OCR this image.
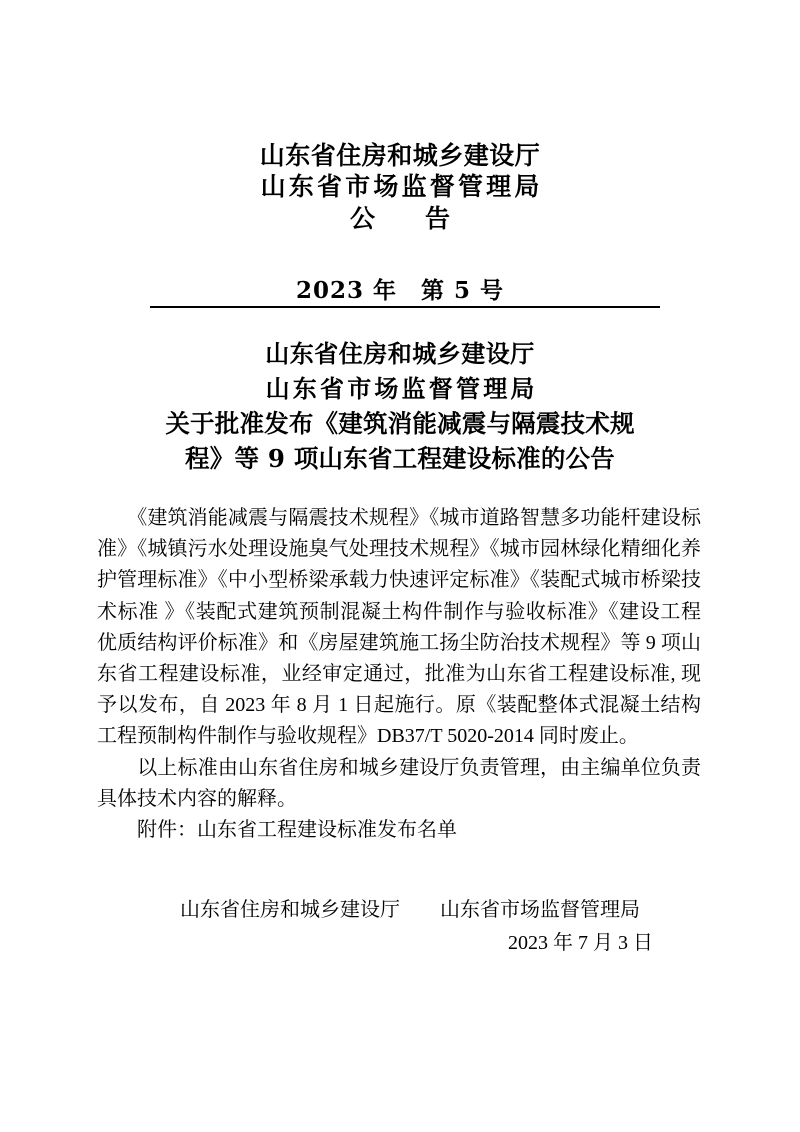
山东省住房和城乡建设厅
山东省市场监督管理局
公　　告
2023 年　第 5 号
山东省住房和城乡建设厅
山东省市场监督管理局
关于批准发布《建筑消能减震与隔震技术规
程》等 9 项山东省工程建设标准的公告

　　《建筑消能减震与隔震技术规程》《城市道路智慧多功能杆建设标准》《城镇污水处理设施臭气处理技术规程》《城市园林绿化精细化养护管理标准》《中小型桥梁承载力快速评定标准》《装配式城市桥梁技术标准 》《装配式建筑预制混凝土构件制作与验收标准》《建设工程优质结构评价标准》和《房屋建筑施工扬尘防治技术规程》等 9 项山东省工程建设标准，业经审定通过，批准为山东省工程建设标准, 现予以发布，自 2023 年 8 月 1 日起施行。原《装配整体式混凝土结构工程预制构件制作与验收规程》DB37/T 5020-2014 同时废止。

　　以上标准由山东省住房和城乡建设厅负责管理，由主编单位负责具体技术内容的解释。

　　附件：山东省工程建设标准发布名单

山东省住房和城乡建设厅　　山东省市场监督管理局
2023 年 7 月 3 日
